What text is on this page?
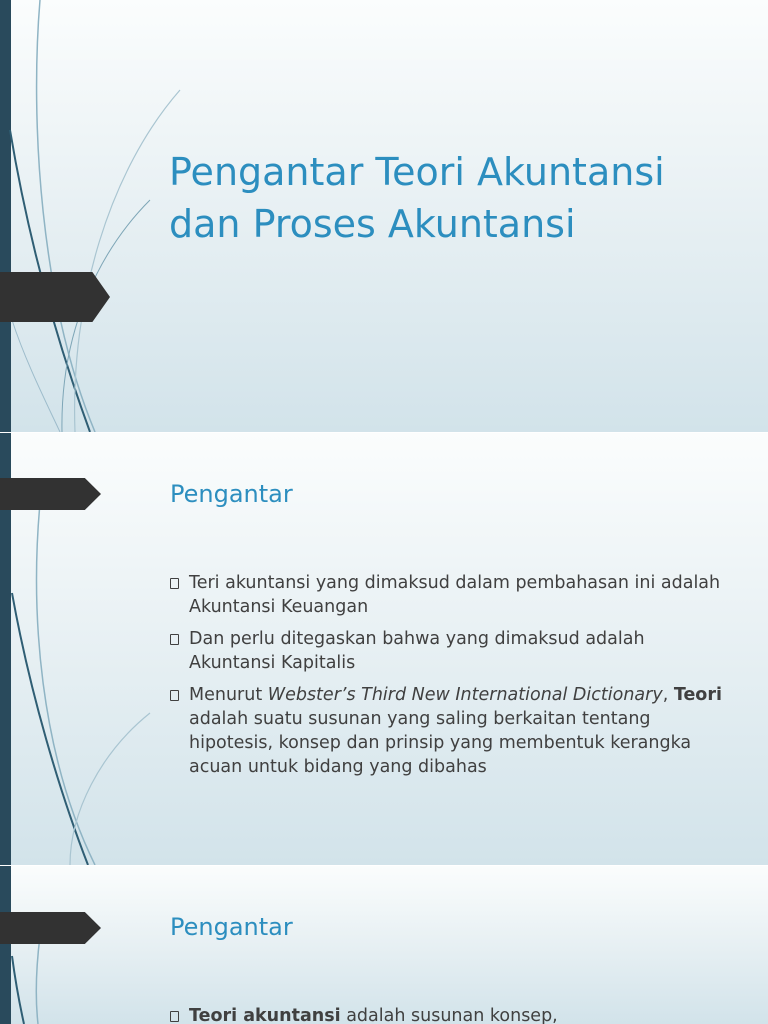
Pengantar Teori Akuntansi dan Proses Akuntansi
Pengantar
Teri akuntansi yang dimaksud dalam pembahasan ini adalah Akuntansi Keuangan
Dan perlu ditegaskan bahwa yang dimaksud adalah Akuntansi Kapitalis
Menurut Webster’s Third New International Dictionary, Teori adalah suatu susunan yang saling berkaitan tentang hipotesis, konsep dan prinsip yang membentuk kerangka acuan untuk bidang yang dibahas
Pengantar
Teori akuntansi adalah susunan konsep,
